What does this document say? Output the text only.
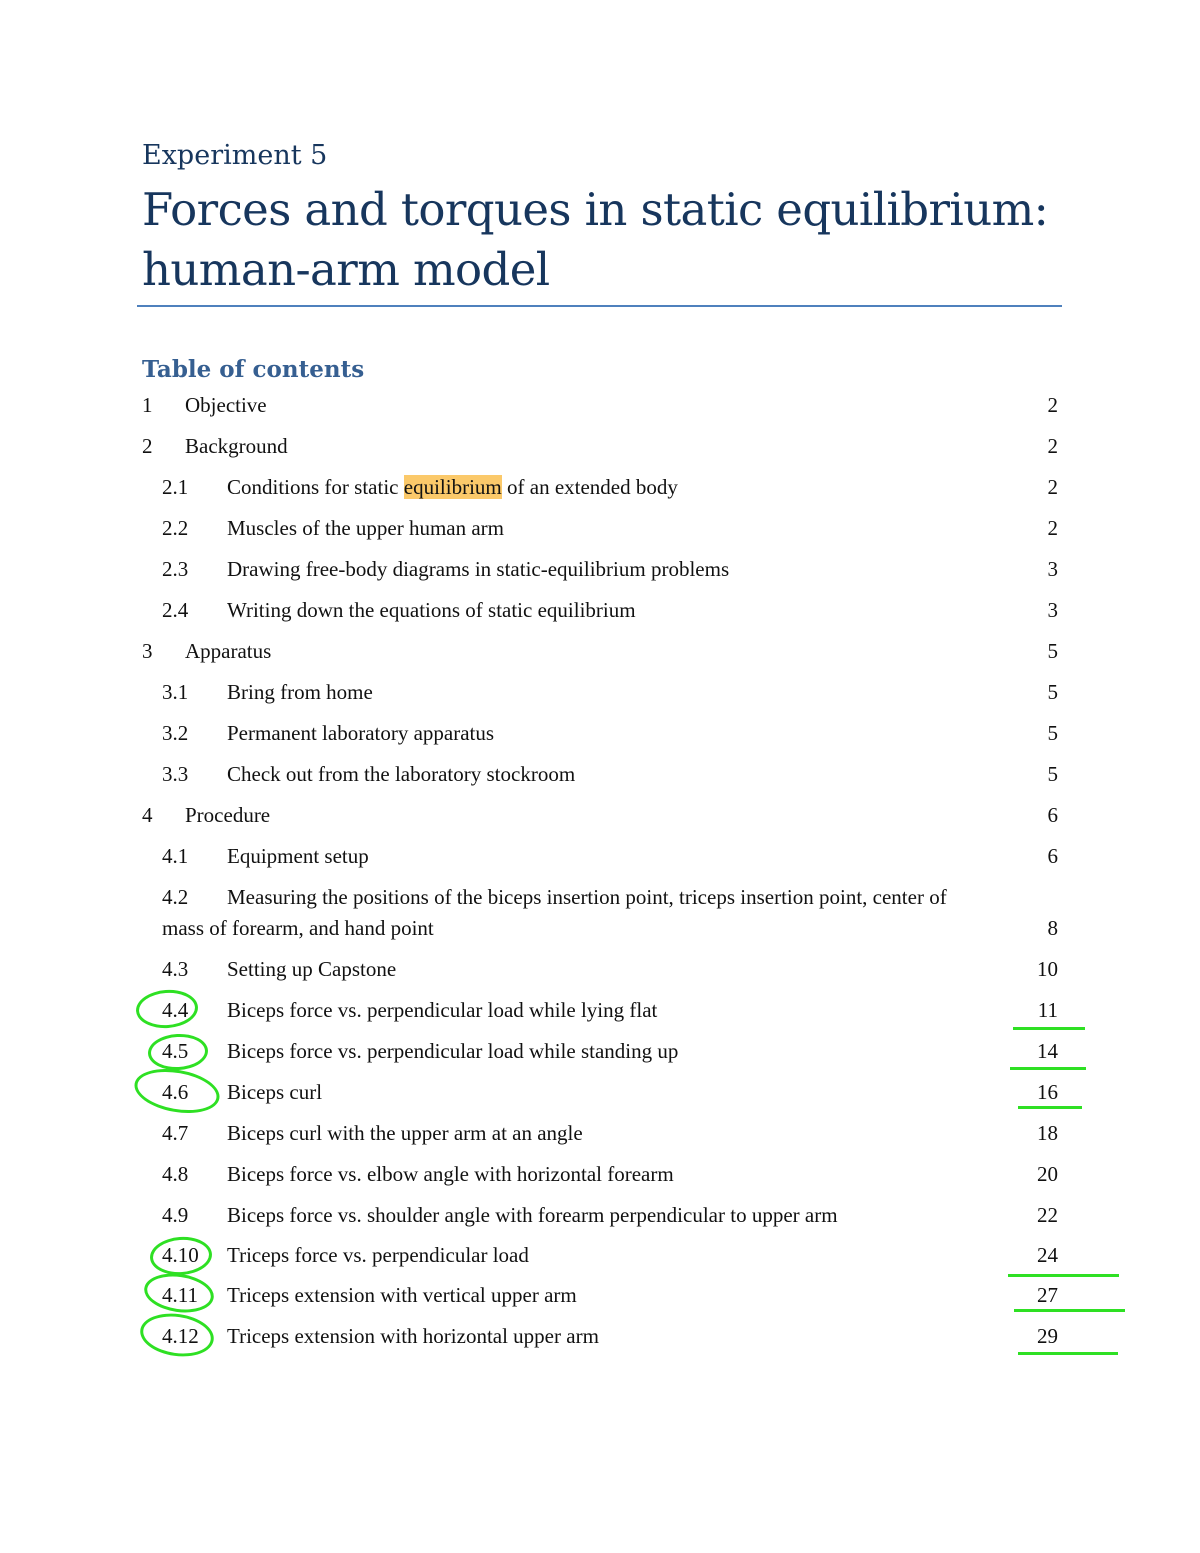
Experiment 5
Forces and torques in static equilibrium: human-arm model
Table of contents
1 Objective	2
2 Background	2
2.1 Conditions for static equilibrium of an extended body	2
2.2 Muscles of the upper human arm	2
2.3 Drawing free-body diagrams in static-equilibrium problems	3
2.4 Writing down the equations of static equilibrium	3
3 Apparatus	5
3.1 Bring from home	5
3.2 Permanent laboratory apparatus	5
3.3 Check out from the laboratory stockroom	5
4 Procedure	6
4.1 Equipment setup	6
4.2 Measuring the positions of the biceps insertion point, triceps insertion point, center of
mass of forearm, and hand point	8
4.3 Setting up Capstone	10
4.4 Biceps force vs. perpendicular load while lying flat	11
4.5 Biceps force vs. perpendicular load while standing up	14
4.6 Biceps curl	16
4.7 Biceps curl with the upper arm at an angle	18
4.8 Biceps force vs. elbow angle with horizontal forearm	20
4.9 Biceps force vs. shoulder angle with forearm perpendicular to upper arm	22
4.10 Triceps force vs. perpendicular load	24
4.11 Triceps extension with vertical upper arm	27
4.12 Triceps extension with horizontal upper arm	29
